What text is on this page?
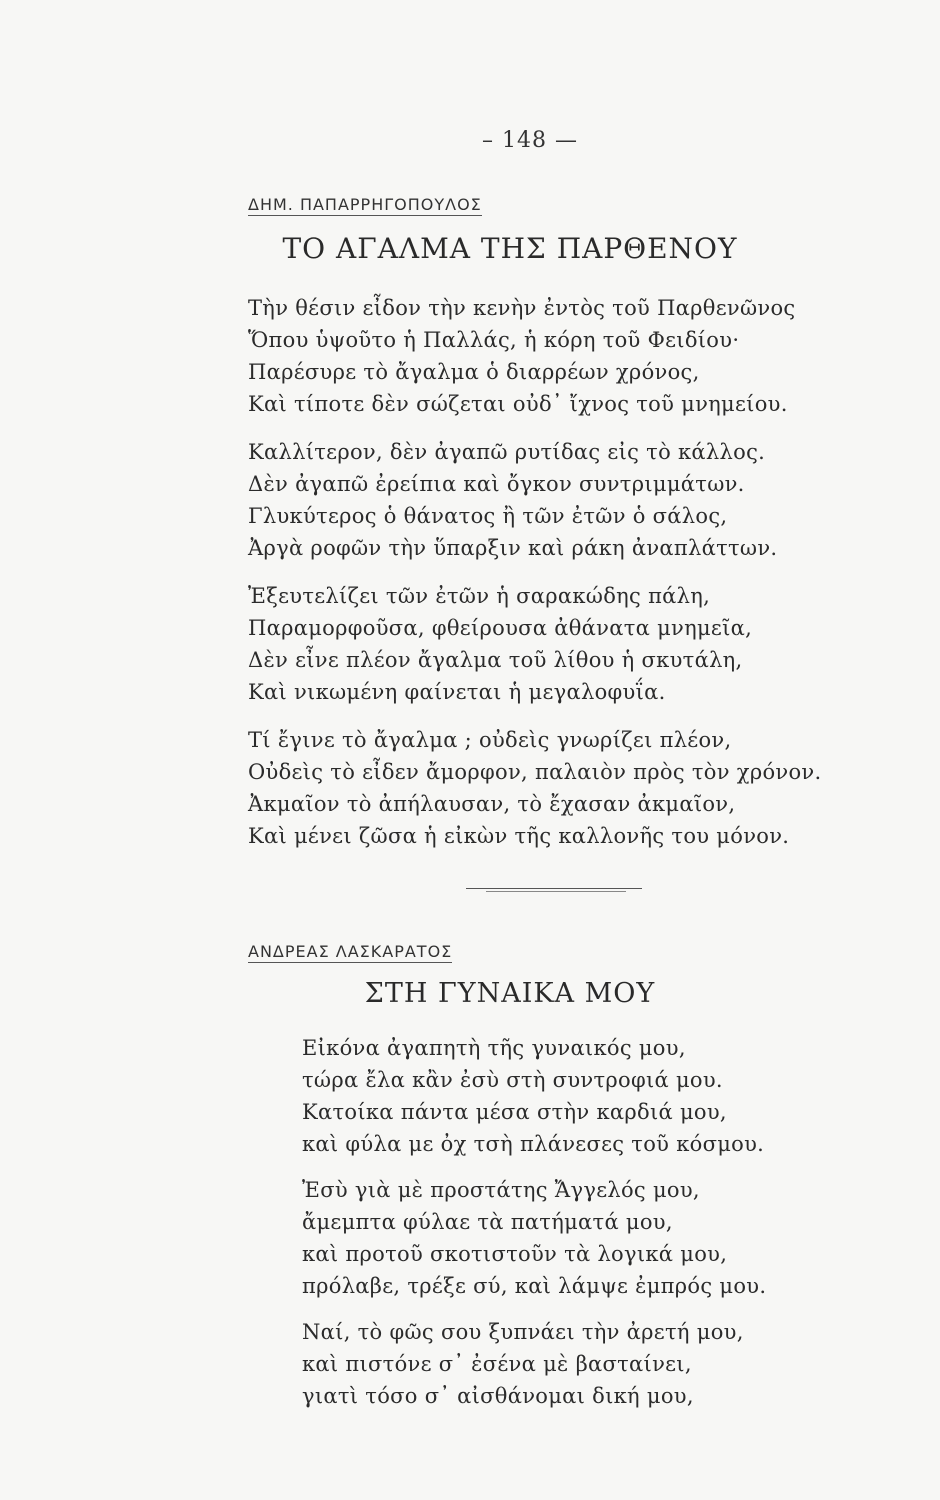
– 148 —
ΔΗΜ. ΠΑΠΑΡΡΗΓΟΠΟΥΛΟΣ
ΤΟ ΑΓΑΛΜΑ ΤΗΣ ΠΑΡΘΕΝΟΥ
Τὴν θέσιν εἶδον τὴν κενὴν ἐντὸς τοῦ Παρθενῶνος
Ὅπου ὑψοῦτο ἡ Παλλάς, ἡ κόρη τοῦ Φειδίου·
Παρέσυρε τὸ ἄγαλμα ὁ διαρρέων χρόνος,
Καὶ τίποτε δὲν σώζεται οὐδ᾿ ἴχνος τοῦ μνημείου.
Καλλίτερον, δὲν ἀγαπῶ ρυτίδας εἰς τὸ κάλλος.
Δὲν ἀγαπῶ ἐρείπια καὶ ὄγκον συντριμμάτων.
Γλυκύτερος ὁ θάνατος ἢ τῶν ἐτῶν ὁ σάλος,
Ἀργὰ ροφῶν τὴν ὕπαρξιν καὶ ράκη ἀναπλάττων.
Ἐξευτελίζει τῶν ἐτῶν ἡ σαρακώδης πάλη,
Παραμορφοῦσα, φθείρουσα ἀθάνατα μνημεῖα,
Δὲν εἶνε πλέον ἄγαλμα τοῦ λίθου ἡ σκυτάλη,
Καὶ νικωμένη φαίνεται ἡ μεγαλοφυΐα.
Τί ἔγινε τὸ ἄγαλμα ; οὐδεὶς γνωρίζει πλέον,
Οὐδεὶς τὸ εἶδεν ἄμορφον, παλαιὸν πρὸς τὸν χρόνον.
Ἀκμαῖον τὸ ἀπήλαυσαν, τὸ ἔχασαν ἀκμαῖον,
Καὶ μένει ζῶσα ἡ εἰκὼν τῆς καλλονῆς του μόνον.
ΑΝΔΡΕΑΣ ΛΑΣΚΑΡΑΤΟΣ
ΣΤΗ ΓΥΝΑΙΚΑ ΜΟΥ
Εἰκόνα ἀγαπητὴ τῆς γυναικός μου,
τώρα ἔλα κἂν ἐσὺ στὴ συντροφιά μου.
Κατοίκα πάντα μέσα στὴν καρδιά μου,
καὶ φύλα με ὀχ τσὴ πλάνεσες τοῦ κόσμου.
Ἐσὺ γιὰ μὲ προστάτης Ἄγγελός μου,
ἄμεμπτα φύλαε τὰ πατήματά μου,
καὶ προτοῦ σκοτιστοῦν τὰ λογικά μου,
πρόλαβε, τρέξε σύ, καὶ λάμψε ἐμπρός μου.
Ναί, τὸ φῶς σου ξυπνάει τὴν ἀρετή μου,
καὶ πιστόνε σ᾿ ἐσένα μὲ βασταίνει,
γιατὶ τόσο σ᾿ αἰσθάνομαι δική μου,
